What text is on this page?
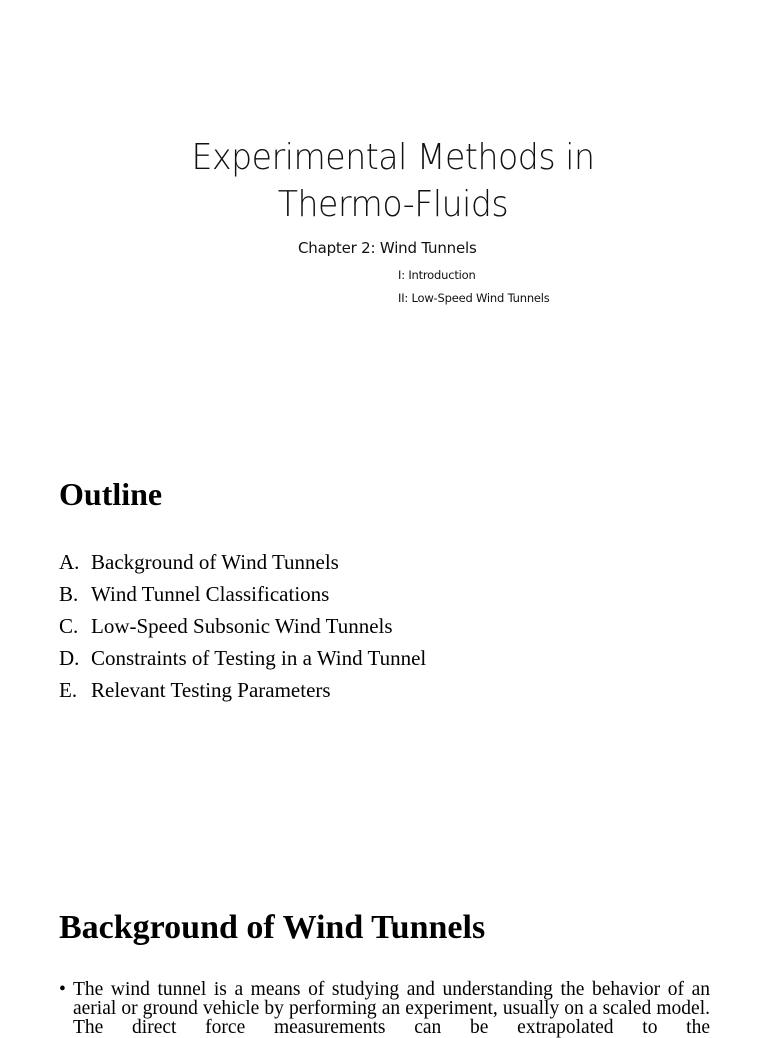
Experimental Methods in
Thermo-Fluids
Chapter 2: Wind Tunnels
I: Introduction
II: Low-Speed Wind Tunnels
Outline
A. Background of Wind Tunnels
B. Wind Tunnel Classifications
C. Low-Speed Subsonic Wind Tunnels
D. Constraints of Testing in a Wind Tunnel
E. Relevant Testing Parameters
Background of Wind Tunnels
• The wind tunnel is a means of studying and understanding the behavior of an aerial or ground vehicle by performing an experiment, usually on a scaled model. The direct force measurements can be extrapolated to the
